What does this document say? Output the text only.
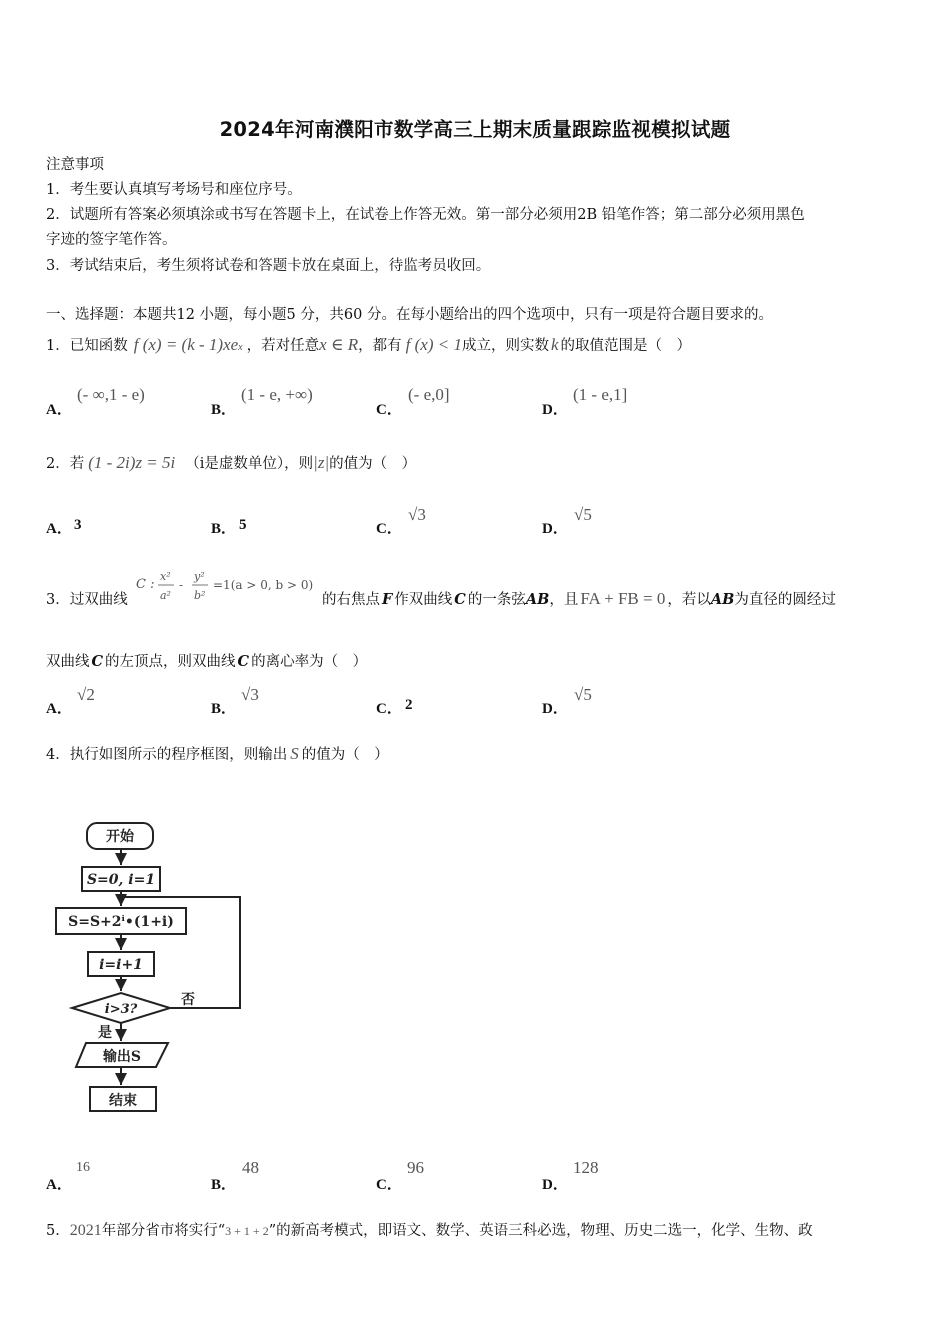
2024年河南濮阳市数学高三上期末质量跟踪监视模拟试题
注意事项
1．考生要认真填写考场号和座位序号。
2．试题所有答案必须填涂或书写在答题卡上，在试卷上作答无效。第一部分必须用2B 铅笔作答；第二部分必须用黑色
字迹的签字笔作答。
3．考试结束后，考生须将试卷和答题卡放在桌面上，待监考员收回。
一、选择题：本题共12 小题，每小题5 分，共60 分。在每小题给出的四个选项中，只有一项是符合题目要求的。
1．已知函数 f (x) = (k - 1)xe x ，若对任意 x ∈ R ，都有 f (x) < 1 成立，则实数 k 的取值范围是（　）
A．
(- ∞,1 - e)
B．
(1 - e, +∞)
C．
(- e,0]
D．
(1 - e,1]
2．若 (1 - 2i)z = 5i （i是虚数单位），则 |z| 的值为（　）
A． 3	B． 5	C．
√3
D．
√5
3．过双曲线
C :
x²
a²
-
y²
b²
=1(a > 0, b > 0)
的右焦点 F 作双曲线 C 的一条弦 AB ，且 FA + FB = 0 ，若以 AB 为直径的圆经过
双曲线 C 的左顶点，则双曲线 C 的离心率为（　）
A．
√2
B．
√3
C． 2	D．
√5
4．执行如图所示的程序框图，则输出 S 的值为（　）
开始
S=0, i=1
S=S+2ⁱ•(1+i)
i=i+1
i>3?
否
是
输出S
结束
A．
16
B．
48
C．
96
D．
128
5． 2021 年部分省市将实行“ 3 + 1 + 2 ”的新高考模式，即语文、数学、英语三科必选，物理、历史二选一，化学、生物、政
